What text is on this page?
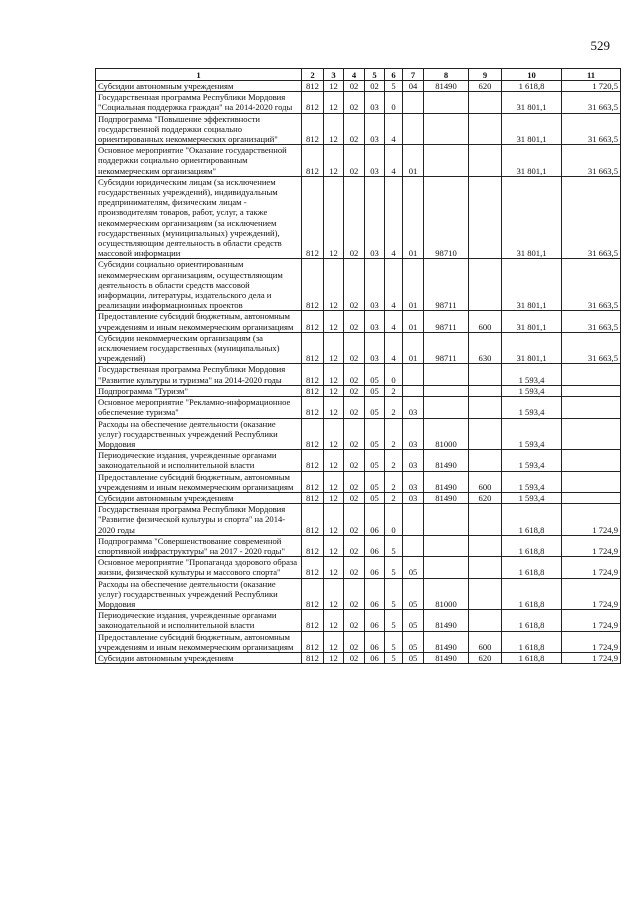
529
1	2	3	4	5	6	7	8	9	10	11
Субсидии автономным учреждениям	812	12	02	02	5	04	81490	620	1 618,8	1 720,5
Государственная программа Республики Мордовия "Социальная поддержка граждан" на 2014-2020 годы	812	12	02	03	0				31 801,1	31 663,5
Подпрограмма "Повышение эффективности государственной поддержки социально ориентированных некоммерческих организаций"	812	12	02	03	4				31 801,1	31 663,5
Основное мероприятие "Оказание государственной поддержки социально ориентированным некоммерческим организациям"	812	12	02	03	4	01			31 801,1	31 663,5
Субсидии юридическим лицам (за исключением государственных учреждений), индивидуальным предпринимателям, физическим лицам - производителям товаров, работ, услуг, а также некоммерческим организациям (за исключением государственных (муниципальных) учреждений), осуществляющим деятельность в области средств массовой информации	812	12	02	03	4	01	98710		31 801,1	31 663,5
Субсидии социально ориентированным некоммерческим организациям, осуществляющим деятельность в области средств массовой информации, литературы, издательского дела и реализации информационных проектов	812	12	02	03	4	01	98711		31 801,1	31 663,5
Предоставление субсидий бюджетным, автономным учреждениям и иным некоммерческим организациям	812	12	02	03	4	01	98711	600	31 801,1	31 663,5
Субсидии некоммерческим организациям (за исключением государственных (муниципальных) учреждений)	812	12	02	03	4	01	98711	630	31 801,1	31 663,5
Государственная программа Республики Мордовия "Развитие культуры и туризма" на 2014-2020 годы	812	12	02	05	0				1 593,4	
Подпрограмма "Туризм"	812	12	02	05	2				1 593,4	
Основное мероприятие "Рекламно-информационное обеспечение туризма"	812	12	02	05	2	03			1 593,4	
Расходы на обеспечение деятельности (оказание услуг) государственных учреждений Республики Мордовия	812	12	02	05	2	03	81000		1 593,4	
Периодические издания, учрежденные органами законодательной и исполнительной власти	812	12	02	05	2	03	81490		1 593,4	
Предоставление субсидий бюджетным, автономным учреждениям и иным некоммерческим организациям	812	12	02	05	2	03	81490	600	1 593,4	
Субсидии автономным учреждениям	812	12	02	05	2	03	81490	620	1 593,4	
Государственная программа Республики Мордовия "Развитие физической культуры и спорта" на 2014-2020 годы	812	12	02	06	0				1 618,8	1 724,9
Подпрограмма "Совершенствование современной спортивной инфраструктуры" на 2017 - 2020 годы"	812	12	02	06	5				1 618,8	1 724,9
Основное мероприятие "Пропаганда здорового образа жизни, физической культуры и массового спорта"	812	12	02	06	5	05			1 618,8	1 724,9
Расходы на обеспечение деятельности (оказание услуг) государственных учреждений Республики Мордовия	812	12	02	06	5	05	81000		1 618,8	1 724,9
Периодические издания, учрежденные органами законодательной и исполнительной власти	812	12	02	06	5	05	81490		1 618,8	1 724,9
Предоставление субсидий бюджетным, автономным учреждениям и иным некоммерческим организациям	812	12	02	06	5	05	81490	600	1 618,8	1 724,9
Субсидии автономным учреждениям	812	12	02	06	5	05	81490	620	1 618,8	1 724,9
